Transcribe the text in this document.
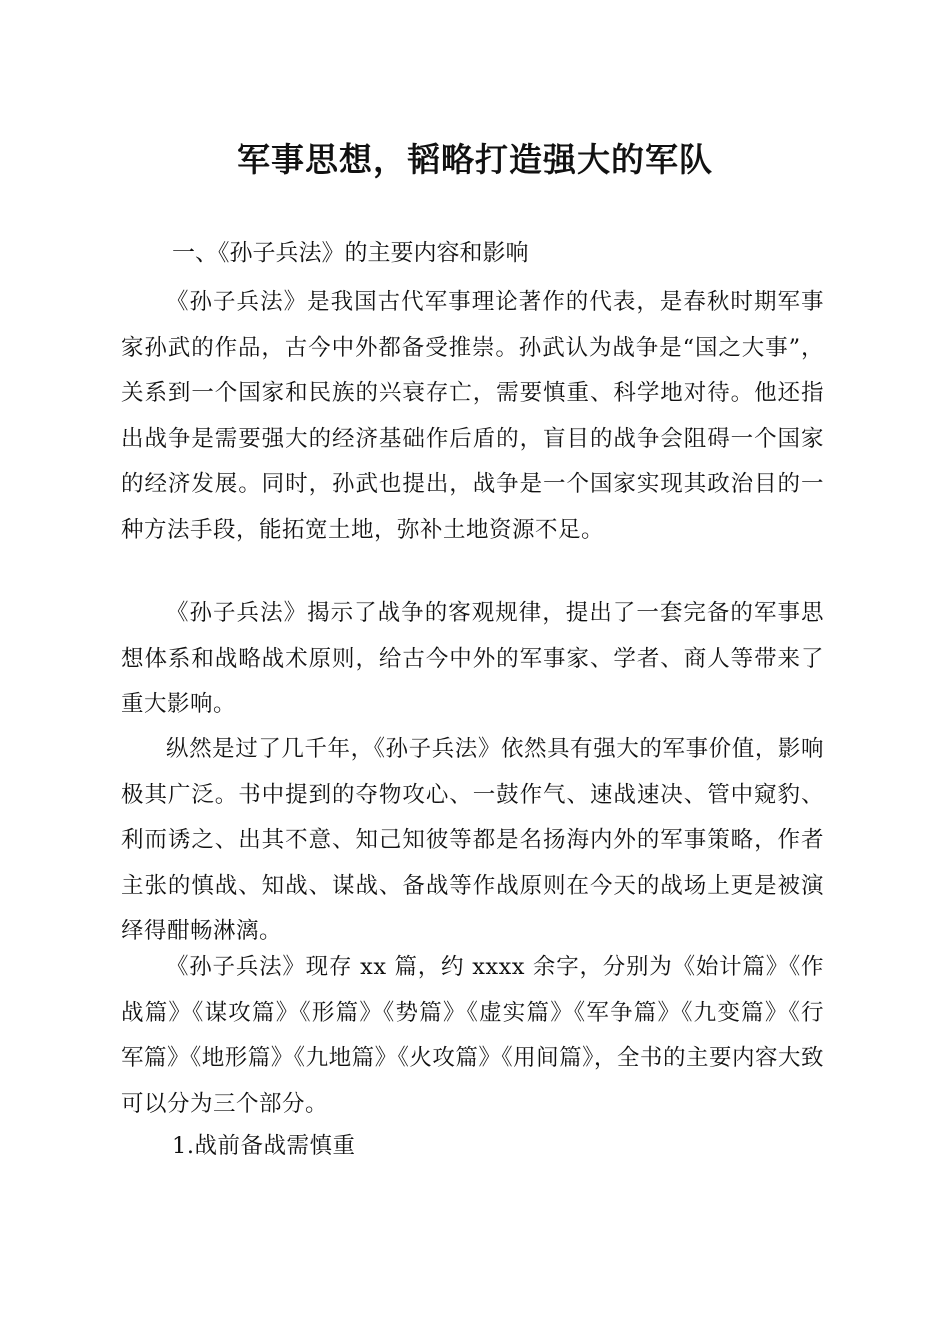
军事思想，韬略打造强大的军队
一、《孙子兵法》的主要内容和影响

《孙子兵法》是我国古代军事理论著作的代表，是春秋时期军事家孙武的作品，古今中外都备受推崇。孙武认为战争是“国之大事”，关系到一个国家和民族的兴衰存亡，需要慎重、科学地对待。他还指出战争是需要强大的经济基础作后盾的，盲目的战争会阻碍一个国家的经济发展。同时，孙武也提出，战争是一个国家实现其政治目的一种方法手段，能拓宽土地，弥补土地资源不足。

《孙子兵法》揭示了战争的客观规律，提出了一套完备的军事思想体系和战略战术原则，给古今中外的军事家、学者、商人等带来了重大影响。

纵然是过了几千年，《孙子兵法》依然具有强大的军事价值，影响极其广泛。书中提到的夺物攻心、一鼓作气、速战速决、管中窥豹、利而诱之、出其不意、知己知彼等都是名扬海内外的军事策略，作者主张的慎战、知战、谋战、备战等作战原则在今天的战场上更是被演绎得酣畅淋漓。

《孙子兵法》现存 xx 篇，约 xxxx 余字，分别为《始计篇》《作战篇》《谋攻篇》《形篇》《势篇》《虚实篇》《军争篇》《九变篇》《行军篇》《地形篇》《九地篇》《火攻篇》《用间篇》，全书的主要内容大致可以分为三个部分。

1.战前备战需慎重
